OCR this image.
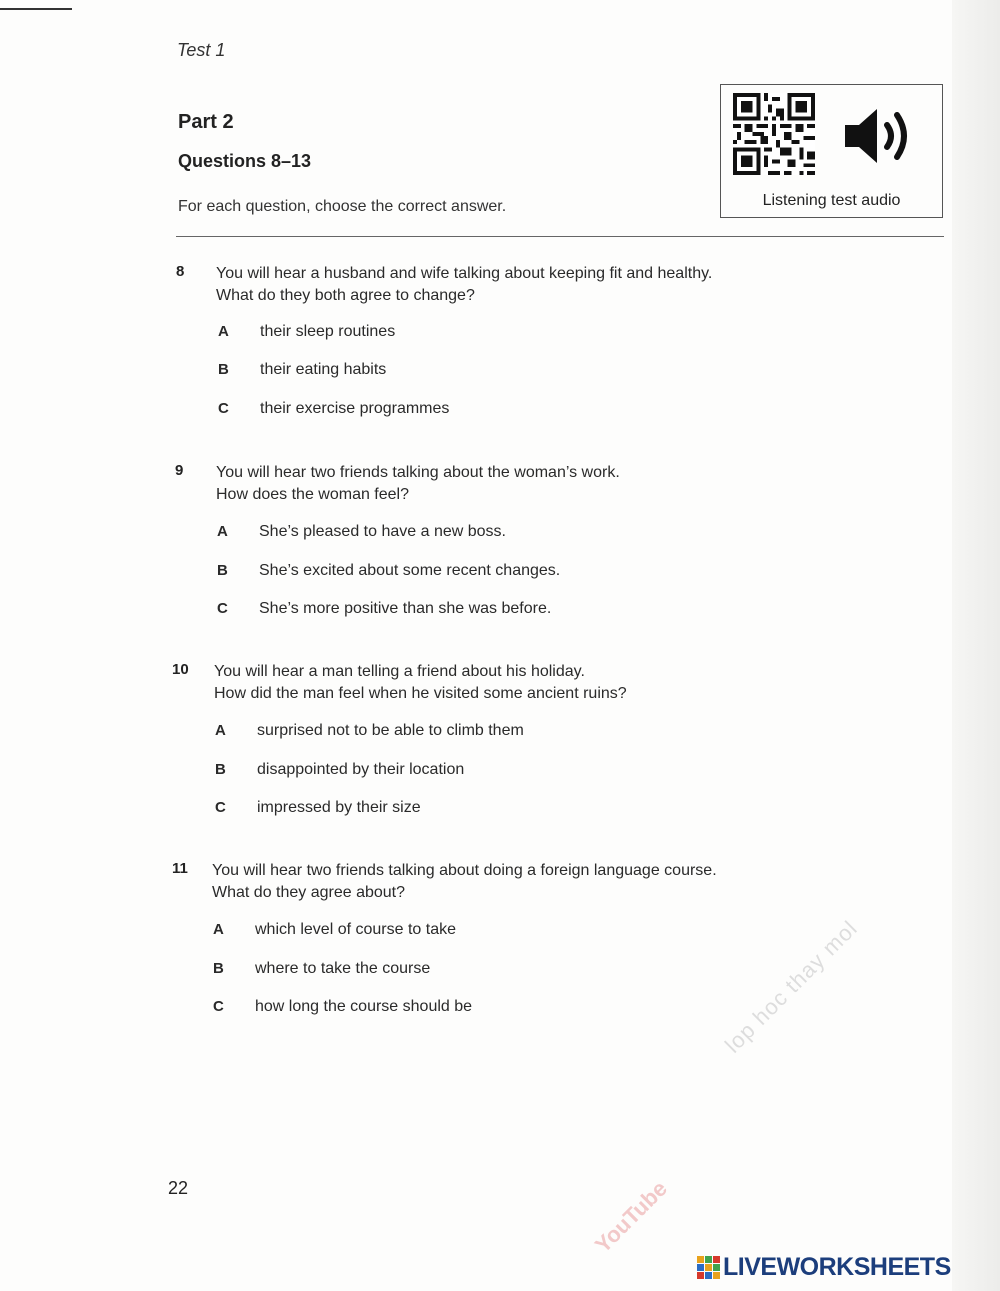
Test 1
Part 2
Questions 8–13
For each question, choose the correct answer.	Listening test audio
8 You will hear a husband and wife talking about keeping fit and healthy.
What do they both agree to change?
A their sleep routines
B their eating habits
C their exercise programmes
9 You will hear two friends talking about the woman’s work.
How does the woman feel?
A She’s pleased to have a new boss.
B She’s excited about some recent changes.
C She’s more positive than she was before.
10 You will hear a man telling a friend about his holiday.
How did the man feel when he visited some ancient ruins?
A surprised not to be able to climb them
B disappointed by their location
C impressed by their size
11 You will hear two friends talking about doing a foreign language course.
What do they agree about?
A which level of course to take
B where to take the course
C how long the course should be
22
lop hoc thay mol
YouTube
LIVEWORKSHEETS
